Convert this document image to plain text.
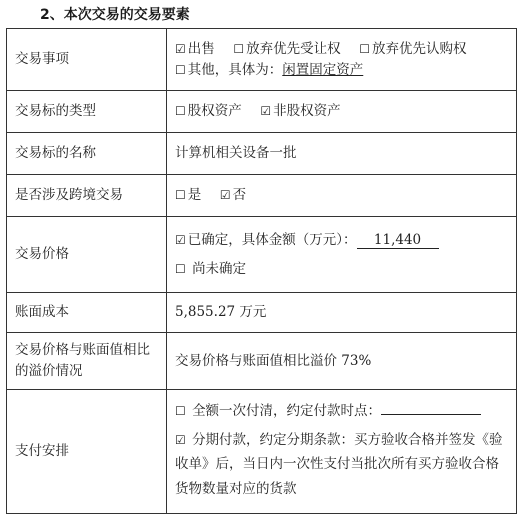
2、本次交易的交易要素
交易事项	☑ 出售 ☐ 放弃优先受让权 ☐ 放弃优先认购权
☐ 其他，具体为：闲置固定资产

交易标的类型	☐ 股权资产 ☑ 非股权资产
交易标的名称	计算机相关设备一批
是否涉及跨境交易	☐ 是 ☑ 否
交易价格	☑ 已确定，具体金额（万元）： 11,440
☐ 尚未确定

账面成本	5,855.27 万元

交易价格与账面值相比
的溢价情况	交易价格与账面值相比溢价 73%
支付安排	☐ 全额一次付清，约定付款时点：
☑ 分期付款，约定分期条款：买方验收合格并签发《验收单》后，当日内一次性支付当批次所有买方验收合格货物数量对应的货款
